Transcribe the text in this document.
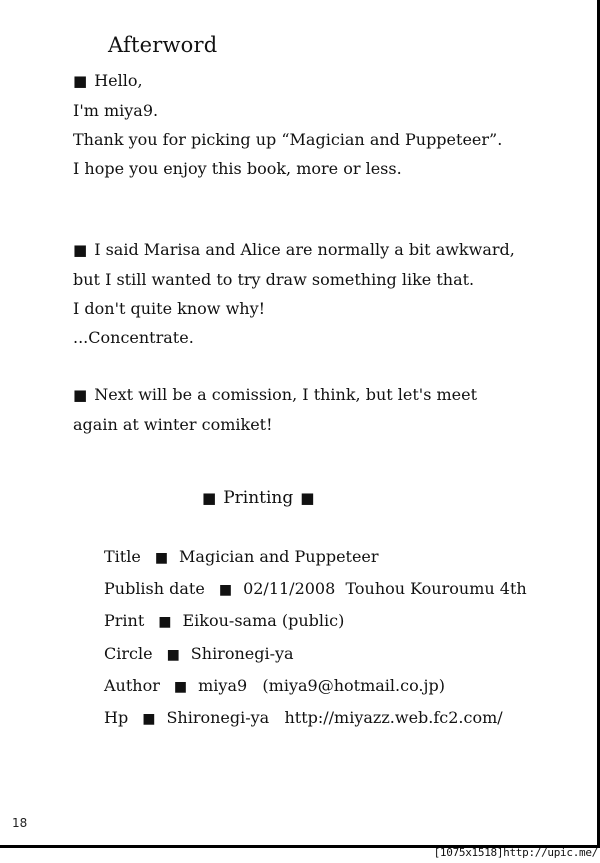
Afterword

■ Hello,

I'm miya9.

Thank you for picking up “Magician and Puppeteer”.

I hope you enjoy this book, more or less.

■ I said Marisa and Alice are normally a bit awkward,

but I still wanted to try draw something like that.

I don't quite know why!

...Concentrate.

■ Next will be a comission, I think, but let's meet

again at winter comiket!

■ Printing ■
Title ■ Magician and Puppeteer
Publish date ■ 02/11/2008  Touhou Kouroumu 4th
Print ■ Eikou-sama (public)
Circle ■ Shironegi-ya
Author ■ miya9   (miya9@hotmail.co.jp)
Hp ■ Shironegi-ya   http://miyazz.web.fc2.com/
18
[1075x1518]http://upic.me/
